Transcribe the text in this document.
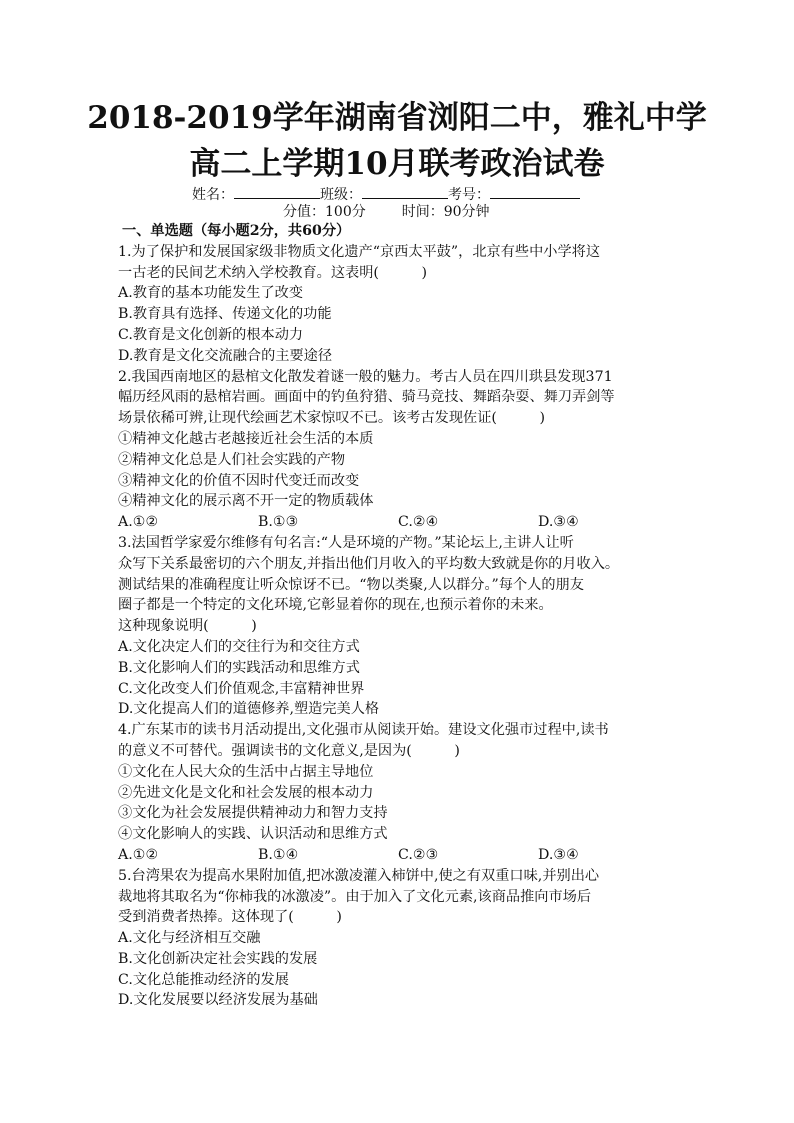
2018-2019学年湖南省浏阳二中，雅礼中学
高二上学期10月联考政治试卷
姓名：	班级：	考号：
分值：100分	时间：90分钟
一、单选题（每小题2分，共60分）
1.为了保护和发展国家级非物质文化遗产“京西太平鼓”，北京有些中小学将这
一古老的民间艺术纳入学校教育。这表明(　　　)
A.教育的基本功能发生了改变
B.教育具有选择、传递文化的功能
C.教育是文化创新的根本动力
D.教育是文化交流融合的主要途径
2.我国西南地区的悬棺文化散发着谜一般的魅力。考古人员在四川珙县发现371
幅历经风雨的悬棺岩画。画面中的钓鱼狩猎、骑马竞技、舞蹈杂耍、舞刀弄剑等
场景依稀可辨,让现代绘画艺术家惊叹不已。该考古发现佐证(　　　)
①精神文化越古老越接近社会生活的本质
②精神文化总是人们社会实践的产物
③精神文化的价值不因时代变迁而改变
④精神文化的展示离不开一定的物质载体
A.①②	B.①③	C.②④	D.③④
3.法国哲学家爱尔维修有句名言:“人是环境的产物。”某论坛上,主讲人让听
众写下关系最密切的六个朋友,并指出他们月收入的平均数大致就是你的月收入。
测试结果的准确程度让听众惊讶不已。“物以类聚,人以群分。”每个人的朋友
圈子都是一个特定的文化环境,它彰显着你的现在,也预示着你的未来。
这种现象说明(　　　)
A.文化决定人们的交往行为和交往方式
B.文化影响人们的实践活动和思维方式
C.文化改变人们价值观念,丰富精神世界
D.文化提高人们的道德修养,塑造完美人格
4.广东某市的读书月活动提出,文化强市从阅读开始。建设文化强市过程中,读书
的意义不可替代。强调读书的文化意义,是因为(　　　)
①文化在人民大众的生活中占据主导地位
②先进文化是文化和社会发展的根本动力
③文化为社会发展提供精神动力和智力支持
④文化影响人的实践、认识活动和思维方式
A.①②	B.①④	C.②③	D.③④
5.台湾果农为提高水果附加值,把冰激凌灌入柿饼中,使之有双重口味,并别出心
裁地将其取名为“你柿我的冰激凌”。由于加入了文化元素,该商品推向市场后
受到消费者热捧。这体现了(　　　)
A.文化与经济相互交融
B.文化创新决定社会实践的发展
C.文化总能推动经济的发展
D.文化发展要以经济发展为基础
